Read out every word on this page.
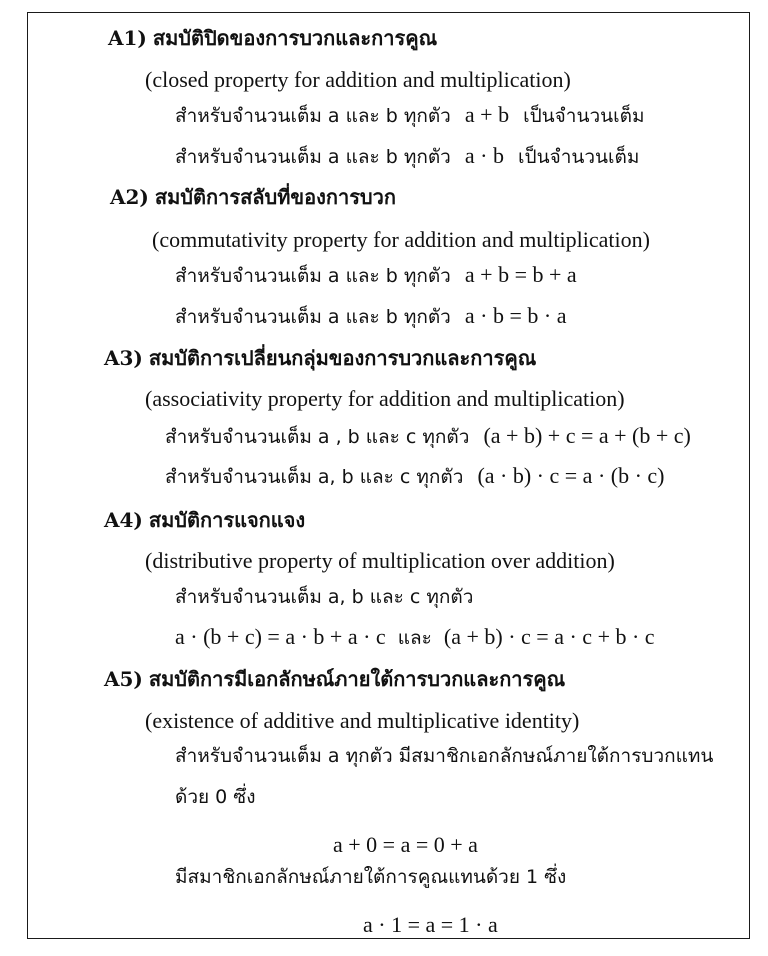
A1) สมบัติปิดของการบวกและการคูณ
(closed property for addition and multiplication)
สำหรับจำนวนเต็ม a และ b ทุกตัว a + b เป็นจำนวนเต็ม
สำหรับจำนวนเต็ม a และ b ทุกตัว a · b เป็นจำนวนเต็ม
A2) สมบัติการสลับที่ของการบวก
(commutativity property for addition and multiplication)
สำหรับจำนวนเต็ม a และ b ทุกตัว a + b = b + a
สำหรับจำนวนเต็ม a และ b ทุกตัว a · b = b · a
A3) สมบัติการเปลี่ยนกลุ่มของการบวกและการคูณ
(associativity property for addition and multiplication)
สำหรับจำนวนเต็ม a , b และ c ทุกตัว (a + b) + c = a + (b + c)
สำหรับจำนวนเต็ม a, b และ c ทุกตัว (a · b) · c = a · (b · c)
A4) สมบัติการแจกแจง
(distributive property of multiplication over addition)
สำหรับจำนวนเต็ม a, b และ c ทุกตัว
a · (b + c) = a · b + a · c และ (a + b) · c = a · c + b · c
A5) สมบัติการมีเอกลักษณ์ภายใต้การบวกและการคูณ
(existence of additive and multiplicative identity)
สำหรับจำนวนเต็ม a ทุกตัว มีสมาชิกเอกลักษณ์ภายใต้การบวกแทน
ด้วย 0 ซึ่ง
a + 0 = a = 0 + a
มีสมาชิกเอกลักษณ์ภายใต้การคูณแทนด้วย 1 ซึ่ง
a · 1 = a = 1 · a
